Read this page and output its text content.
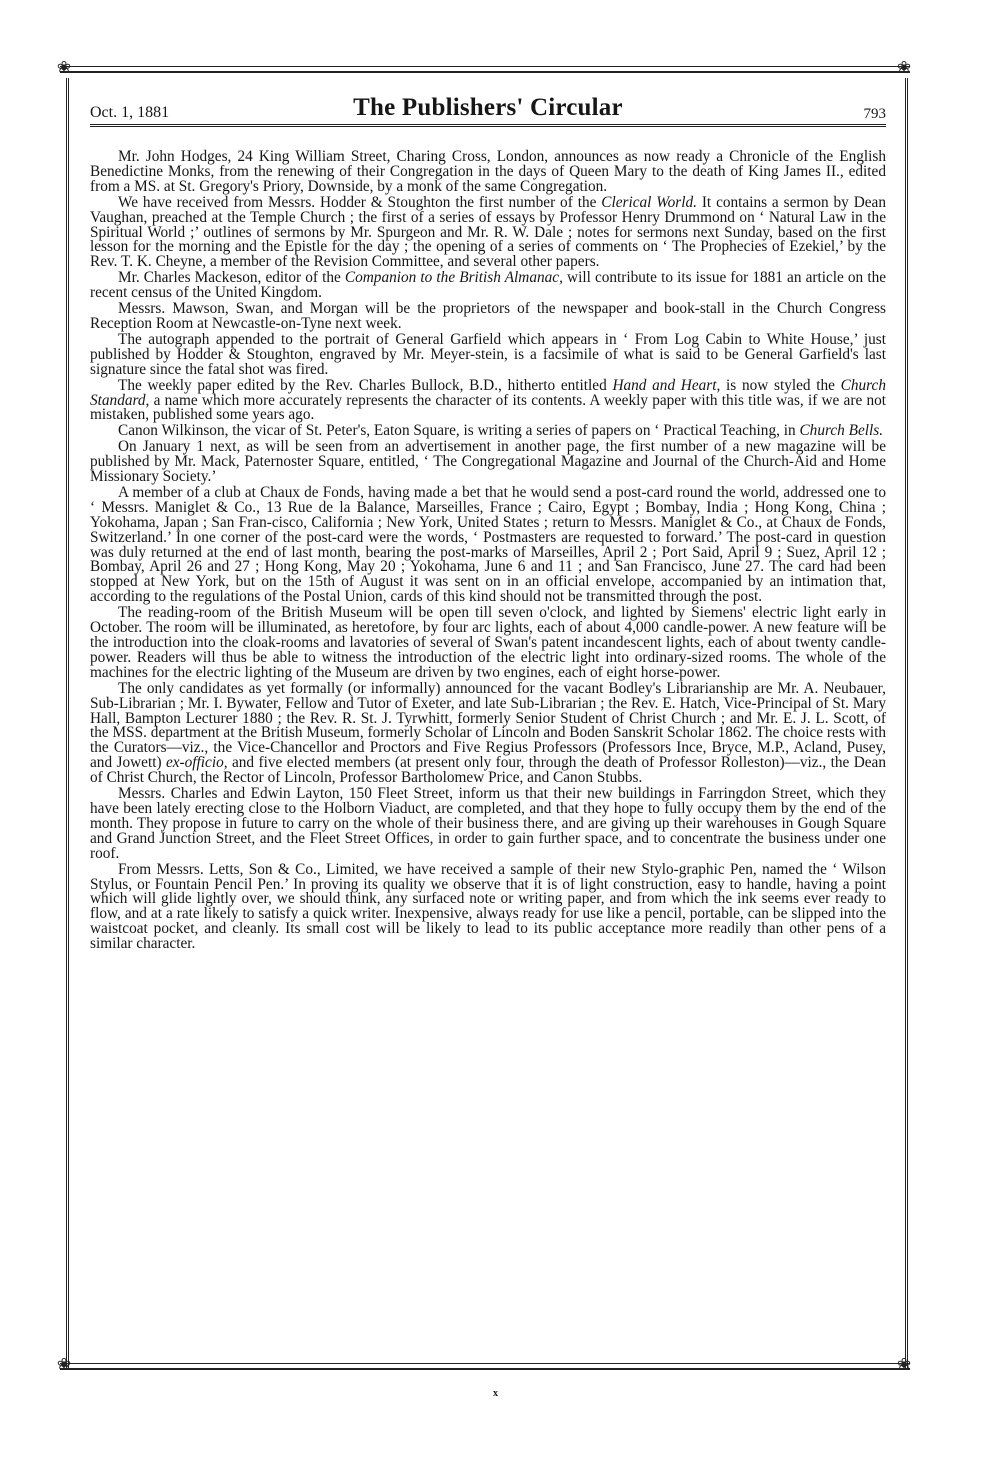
❀	❀
❀	❀
Oct. 1, 1881	The Publishers' Circular	793

Mr. John Hodges, 24 King William Street, Charing Cross, London, announces as now ready a Chronicle of the English Benedictine Monks, from the renewing of their Congregation in the days of Queen Mary to the death of King James II., edited from a MS. at St. Gregory's Priory, Downside, by a monk of the same Congregation.

We have received from Messrs. Hodder & Stoughton the first number of the Clerical World. It contains a sermon by Dean Vaughan, preached at the Temple Church ; the first of a series of essays by Professor Henry Drummond on ‘ Natural Law in the Spiritual World ;’ outlines of sermons by Mr. Spurgeon and Mr. R. W. Dale ; notes for sermons next Sunday, based on the first lesson for the morning and the Epistle for the day ; the opening of a series of comments on ‘ The Prophecies of Ezekiel,’ by the Rev. T. K. Cheyne, a member of the Revision Committee, and several other papers.

Mr. Charles Mackeson, editor of the Companion to the British Almanac, will contribute to its issue for 1881 an article on the recent census of the United Kingdom.

Messrs. Mawson, Swan, and Morgan will be the proprietors of the newspaper and book-stall in the Church Congress Reception Room at Newcastle-on-Tyne next week.

The autograph appended to the portrait of General Garfield which appears in ‘ From Log Cabin to White House,’ just published by Hodder & Stoughton, engraved by Mr. Meyer-stein, is a facsimile of what is said to be General Garfield's last signature since the fatal shot was fired.

The weekly paper edited by the Rev. Charles Bullock, B.D., hitherto entitled Hand and Heart, is now styled the Church Standard, a name which more accurately represents the character of its contents. A weekly paper with this title was, if we are not mistaken, published some years ago.

Canon Wilkinson, the vicar of St. Peter's, Eaton Square, is writing a series of papers on ‘ Practical Teaching, in Church Bells.

On January 1 next, as will be seen from an advertisement in another page, the first number of a new magazine will be published by Mr. Mack, Paternoster Square, entitled, ‘ The Congregational Magazine and Journal of the Church-Aid and Home Missionary Society.’

A member of a club at Chaux de Fonds, having made a bet that he would send a post-card round the world, addressed one to ‘ Messrs. Maniglet & Co., 13 Rue de la Balance, Marseilles, France ; Cairo, Egypt ; Bombay, India ; Hong Kong, China ; Yokohama, Japan ; San Fran-cisco, California ; New York, United States ; return to Messrs. Maniglet & Co., at Chaux de Fonds, Switzerland.’ In one corner of the post-card were the words, ‘ Postmasters are requested to forward.’ The post-card in question was duly returned at the end of last month, bearing the post-marks of Marseilles, April 2 ; Port Said, April 9 ; Suez, April 12 ; Bombay, April 26 and 27 ; Hong Kong, May 20 ; Yokohama, June 6 and 11 ; and San Francisco, June 27. The card had been stopped at New York, but on the 15th of August it was sent on in an official envelope, accompanied by an intimation that, according to the regulations of the Postal Union, cards of this kind should not be transmitted through the post.

The reading-room of the British Museum will be open till seven o'clock, and lighted by Siemens' electric light early in October. The room will be illuminated, as heretofore, by four arc lights, each of about 4,000 candle-power. A new feature will be the introduction into the cloak-rooms and lavatories of several of Swan's patent incandescent lights, each of about twenty candle-power. Readers will thus be able to witness the introduction of the electric light into ordinary-sized rooms. The whole of the machines for the electric lighting of the Museum are driven by two engines, each of eight horse-power.

The only candidates as yet formally (or informally) announced for the vacant Bodley's Librarianship are Mr. A. Neubauer, Sub-Librarian ; Mr. I. Bywater, Fellow and Tutor of Exeter, and late Sub-Librarian ; the Rev. E. Hatch, Vice-Principal of St. Mary Hall, Bampton Lecturer 1880 ; the Rev. R. St. J. Tyrwhitt, formerly Senior Student of Christ Church ; and Mr. E. J. L. Scott, of the MSS. department at the British Museum, formerly Scholar of Lincoln and Boden Sanskrit Scholar 1862. The choice rests with the Curators—viz., the Vice-Chancellor and Proctors and Five Regius Professors (Professors Ince, Bryce, M.P., Acland, Pusey, and Jowett) ex-officio, and five elected members (at present only four, through the death of Professor Rolleston)—viz., the Dean of Christ Church, the Rector of Lincoln, Professor Bartholomew Price, and Canon Stubbs.

Messrs. Charles and Edwin Layton, 150 Fleet Street, inform us that their new buildings in Farringdon Street, which they have been lately erecting close to the Holborn Viaduct, are completed, and that they hope to fully occupy them by the end of the month. They propose in future to carry on the whole of their business there, and are giving up their warehouses in Gough Square and Grand Junction Street, and the Fleet Street Offices, in order to gain further space, and to concentrate the business under one roof.

From Messrs. Letts, Son & Co., Limited, we have received a sample of their new Stylo-graphic Pen, named the ‘ Wilson Stylus, or Fountain Pencil Pen.’ In proving its quality we observe that it is of light construction, easy to handle, having a point which will glide lightly over, we should think, any surfaced note or writing paper, and from which the ink seems ever ready to flow, and at a rate likely to satisfy a quick writer. Inexpensive, always ready for use like a pencil, portable, can be slipped into the waistcoat pocket, and cleanly. Its small cost will be likely to lead to its public acceptance more readily than other pens of a similar character.

x
